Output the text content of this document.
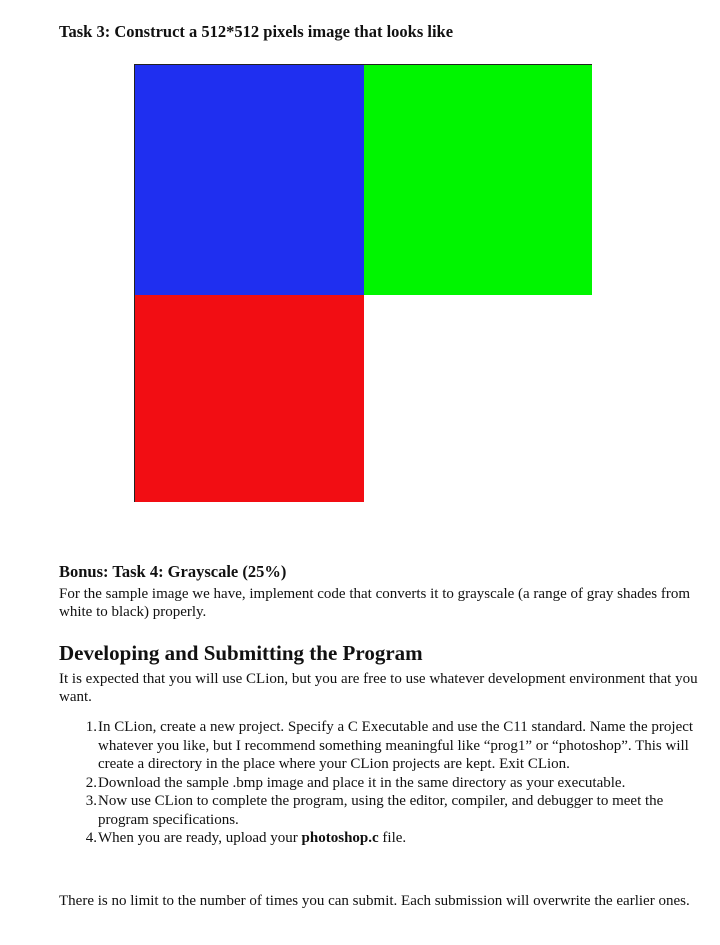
Task 3: Construct a 512*512 pixels image that looks like
Bonus: Task 4: Grayscale (25%)

For the sample image we have, implement code that converts it to grayscale (a range of gray shades from white to black) properly.

Developing and Submitting the Program

It is expected that you will use CLion, but you are free to use whatever development environment that you want.

1. In CLion, create a new project. Specify a C Executable and use the C11 standard. Name the project whatever you like, but I recommend something meaningful like “prog1” or “photoshop”. This will create a directory in the place where your CLion projects are kept. Exit CLion.
2. Download the sample .bmp image and place it in the same directory as your executable.
3. Now use CLion to complete the program, using the editor, compiler, and debugger to meet the program specifications.
4. When you are ready, upload your photoshop.c file.

There is no limit to the number of times you can submit. Each submission will overwrite the earlier ones.
